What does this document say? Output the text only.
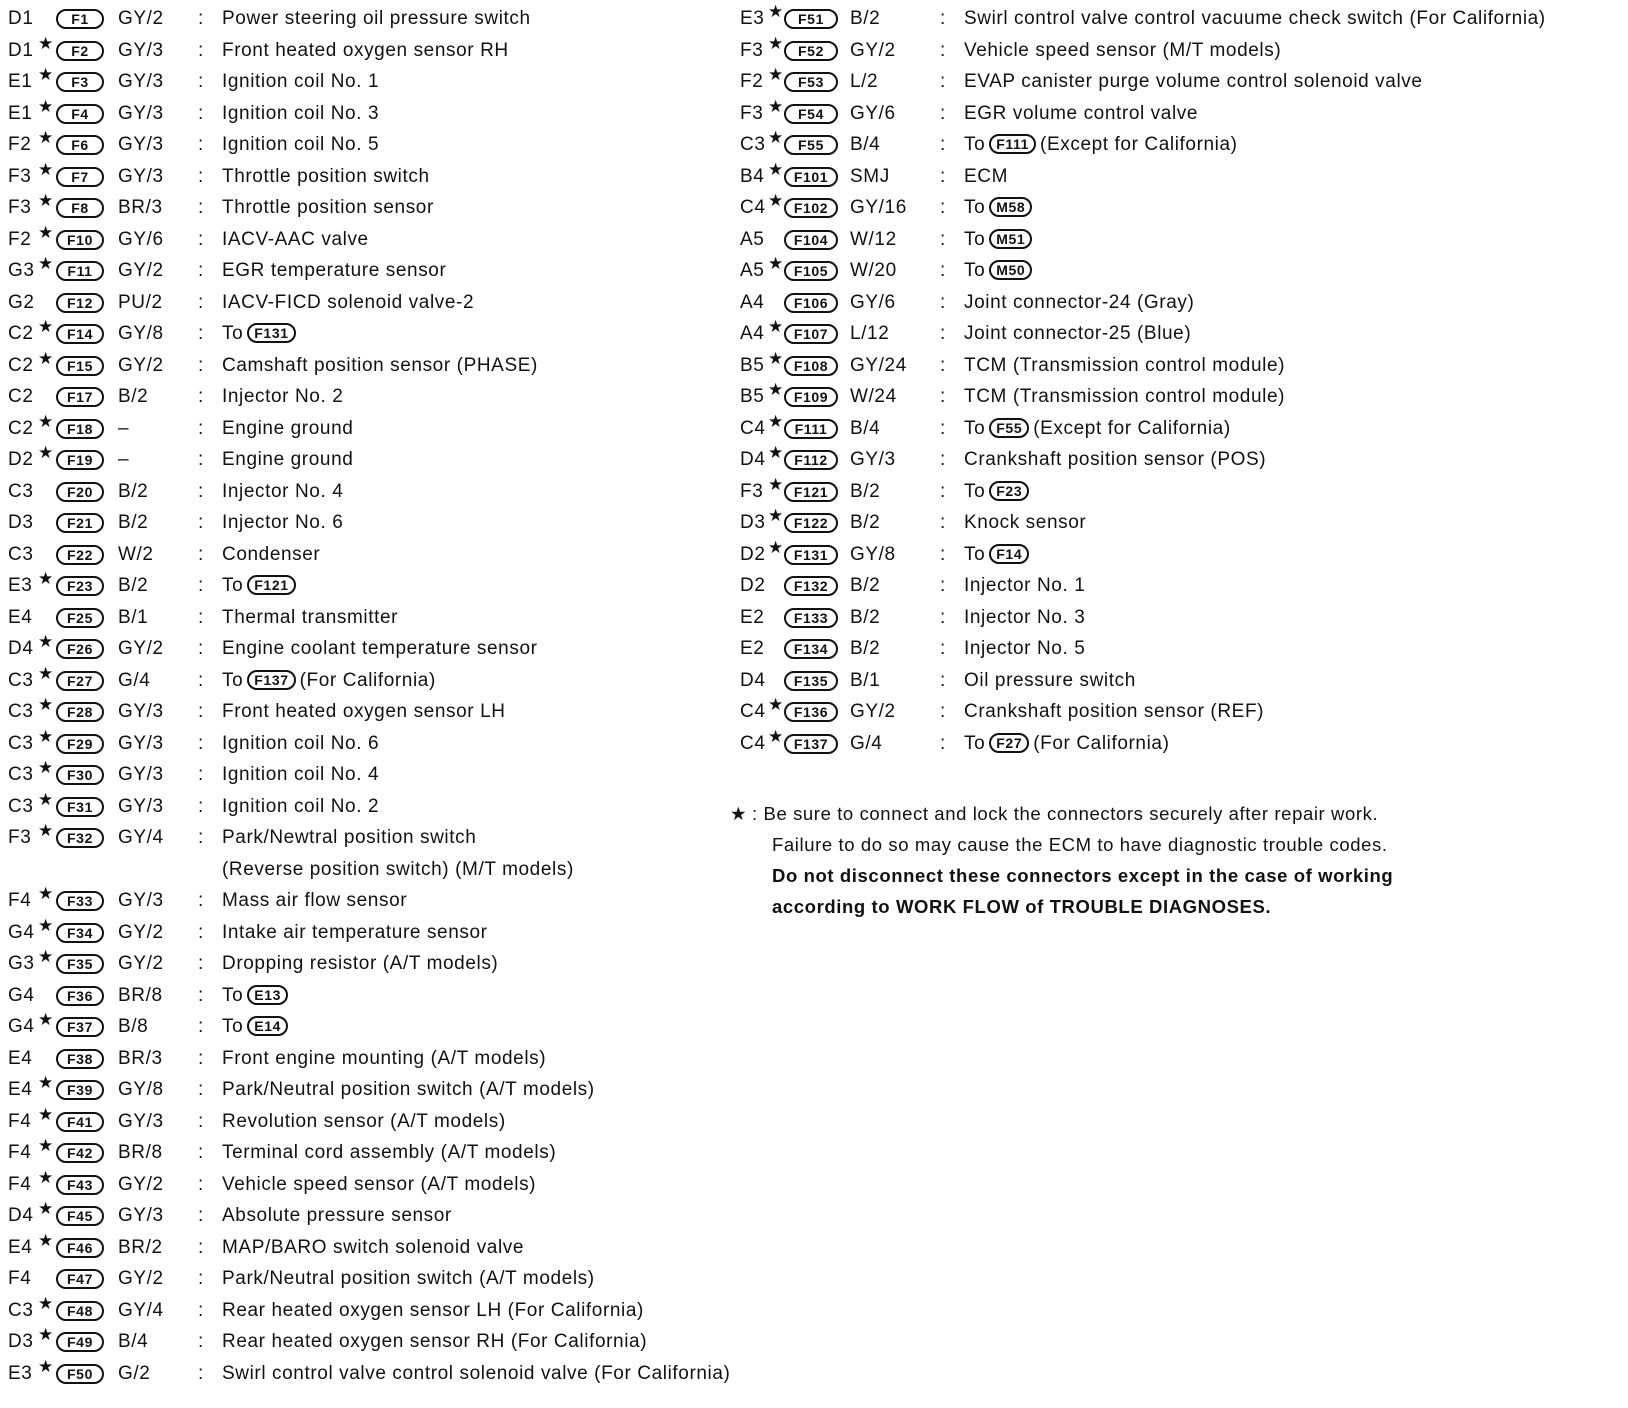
D1	F1	GY/2	: Power steering oil pressure switch
D1 ★	F2	GY/3	: Front heated oxygen sensor RH
E1 ★	F3	GY/3	: Ignition coil No. 1
E1 ★	F4	GY/3	: Ignition coil No. 3
F2 ★	F6	GY/3	: Ignition coil No. 5
F3 ★	F7	GY/3	: Throttle position switch
F3 ★	F8	BR/3	: Throttle position sensor
F2 ★ F10	GY/6	: IACV-AAC valve
G3 ★ F11	GY/2	: EGR temperature sensor
G2	F12	PU/2	: IACV-FICD solenoid valve-2
C2 ★ F14	GY/8	: To F131
C2 ★ F15	GY/2	: Camshaft position sensor (PHASE)
C2	F17	B/2	: Injector No. 2
C2 ★ F18	–	: Engine ground
D2 ★ F19	–	: Engine ground
C3	F20	B/2	: Injector No. 4
D3	F21	B/2	: Injector No. 6
C3	F22	W/2	: Condenser
E3 ★ F23	B/2	: To F121
E4	F25	B/1	: Thermal transmitter
D4 ★ F26	GY/2	: Engine coolant temperature sensor
C3 ★ F27	G/4	: To F137 (For California)
C3 ★ F28	GY/3	: Front heated oxygen sensor LH
C3 ★ F29	GY/3	: Ignition coil No. 6
C3 ★ F30	GY/3	: Ignition coil No. 4
C3 ★ F31	GY/3	: Ignition coil No. 2
F3 ★ F32	GY/4	: Park/Newtral position switch
(Reverse position switch) (M/T models)
F4 ★ F33	GY/3	: Mass air flow sensor
G4 ★ F34	GY/2	: Intake air temperature sensor
G3 ★ F35	GY/2	: Dropping resistor (A/T models)
G4	F36	BR/8	: To E13
G4 ★ F37	B/8	: To E14
E4	F38	BR/3	: Front engine mounting (A/T models)
E4 ★ F39	GY/8	: Park/Neutral position switch (A/T models)
F4 ★ F41	GY/3	: Revolution sensor (A/T models)
F4 ★ F42	BR/8	: Terminal cord assembly (A/T models)
F4 ★ F43	GY/2	: Vehicle speed sensor (A/T models)
D4 ★ F45	GY/3	: Absolute pressure sensor
E4 ★ F46	BR/2	: MAP/BARO switch solenoid valve
F4	F47	GY/2	: Park/Neutral position switch (A/T models)
C3 ★ F48	GY/4	: Rear heated oxygen sensor LH (For California)
D3 ★ F49	B/4	: Rear heated oxygen sensor RH (For California)
E3 ★ F50	G/2	: Swirl control valve control solenoid valve (For California)
E3 ★	F51	B/2	: Swirl control valve control vacuume check switch (For California)
F3 ★	F52	GY/2	: Vehicle speed sensor (M/T models)
F2 ★	F53	L/2	: EVAP canister purge volume control solenoid valve
F3 ★	F54	GY/6	: EGR volume control valve
C3 ★	F55	B/4	: To F111 (Except for California)
B4 ★ F101	SMJ	: ECM
C4 ★ F102	GY/16	: To M58
A5	F104	W/12	: To M51
A5 ★ F105	W/20	: To M50
A4	F106	GY/6	: Joint connector-24 (Gray)
A4 ★ F107	L/12	: Joint connector-25 (Blue)
B5 ★ F108	GY/24	: TCM (Transmission control module)
B5 ★ F109	W/24	: TCM (Transmission control module)
C4 ★ F111	B/4	: To F55 (Except for California)
D4 ★ F112	GY/3	: Crankshaft position sensor (POS)
F3 ★ F121	B/2	: To F23
D3 ★ F122	B/2	: Knock sensor
D2 ★ F131	GY/8	: To F14
D2	F132	B/2	: Injector No. 1
E2	F133	B/2	: Injector No. 3
E2	F134	B/2	: Injector No. 5
D4	F135	B/1	: Oil pressure switch
C4 ★ F136	GY/2	: Crankshaft position sensor (REF)
C4 ★ F137	G/4	: To F27 (For California)
★ : Be sure to connect and lock the connectors securely after repair work.
Failure to do so may cause the ECM to have diagnostic trouble codes.
Do not disconnect these connectors except in the case of working
according to WORK FLOW of TROUBLE DIAGNOSES.
